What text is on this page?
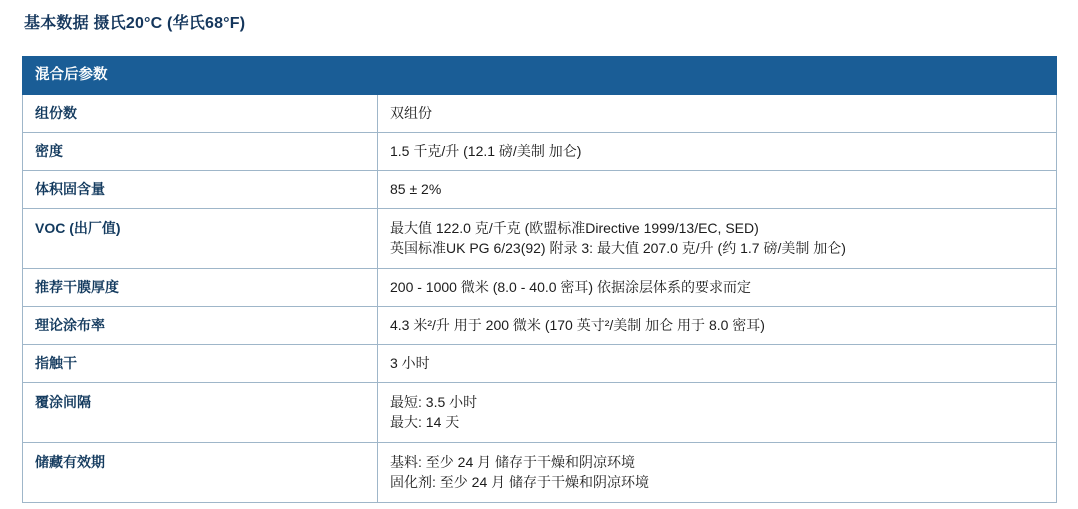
基本数据 摄氏20°C (华氏68°F)
混合后参数	
组份数	双组份

密度	1.5 千克/升 (12.1 磅/美制 加仑)

体积固含量	85 ± 2%

VOC (出厂值)	最大值 122.0 克/千克 (欧盟标准Directive 1999/13/EC, SED)
英国标准UK PG 6/23(92) 附录 3: 最大值 207.0 克/升 (约 1.7 磅/美制 加仑)

推荐干膜厚度	200 - 1000 微米 (8.0 - 40.0 密耳) 依据涂层体系的要求而定

理论涂布率	4.3 米²/升 用于 200 微米 (170 英寸²/美制 加仑 用于 8.0 密耳)

指触干	3 小时

覆涂间隔	最短: 3.5 小时
最大: 14 天

储藏有效期	基料: 至少 24 月 储存于干燥和阴凉环境
固化剂: 至少 24 月 储存于干燥和阴凉环境
